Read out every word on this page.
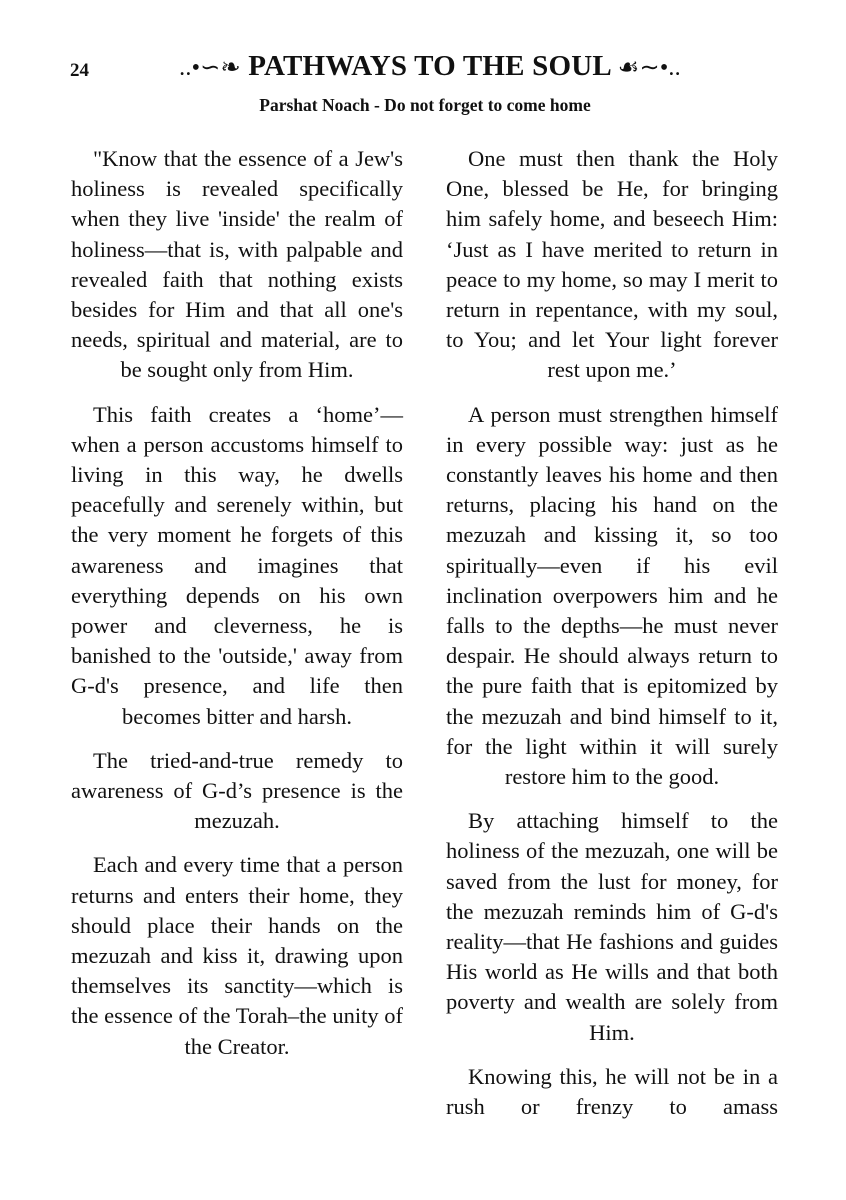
24	..•∽❧ PATHWAYS TO THE SOUL ☙∼•..
Parshat Noach - Do not forget to come home

"Know that the essence of a Jew's holiness is revealed specifically when they live 'inside' the realm of holiness—that is, with palpable and revealed faith that nothing exists besides for Him and that all one's needs, spiritual and material, are to be sought only from Him.

This faith creates a ‘home’—when a person accustoms himself to living in this way, he dwells peacefully and serenely within, but the very moment he forgets of this awareness and imagines that everything depends on his own power and cleverness, he is banished to the 'outside,' away from G-d's presence, and life then becomes bitter and harsh.

The tried-and-true remedy to awareness of G-d’s presence is the mezuzah.

Each and every time that a person returns and enters their home, they should place their hands on the mezuzah and kiss it, drawing upon themselves its sanctity—which is the essence of the Torah–the unity of the Creator.

One must then thank the Holy One, blessed be He, for bringing him safely home, and beseech Him: ‘Just as I have merited to return in peace to my home, so may I merit to return in repentance, with my soul, to You; and let Your light forever rest upon me.’

A person must strengthen himself in every possible way: just as he constantly leaves his home and then returns, placing his hand on the mezuzah and kissing it, so too spiritually—even if his evil inclination overpowers him and he falls to the depths—he must never despair. He should always return to the pure faith that is epitomized by the mezuzah and bind himself to it, for the light within it will surely restore him to the good.

By attaching himself to the holiness of the mezuzah, one will be saved from the lust for money, for the mezuzah reminds him of G-d's reality—that He fashions and guides His world as He wills and that both poverty and wealth are solely from Him.

Knowing this, he will not be in a rush or frenzy to amass
